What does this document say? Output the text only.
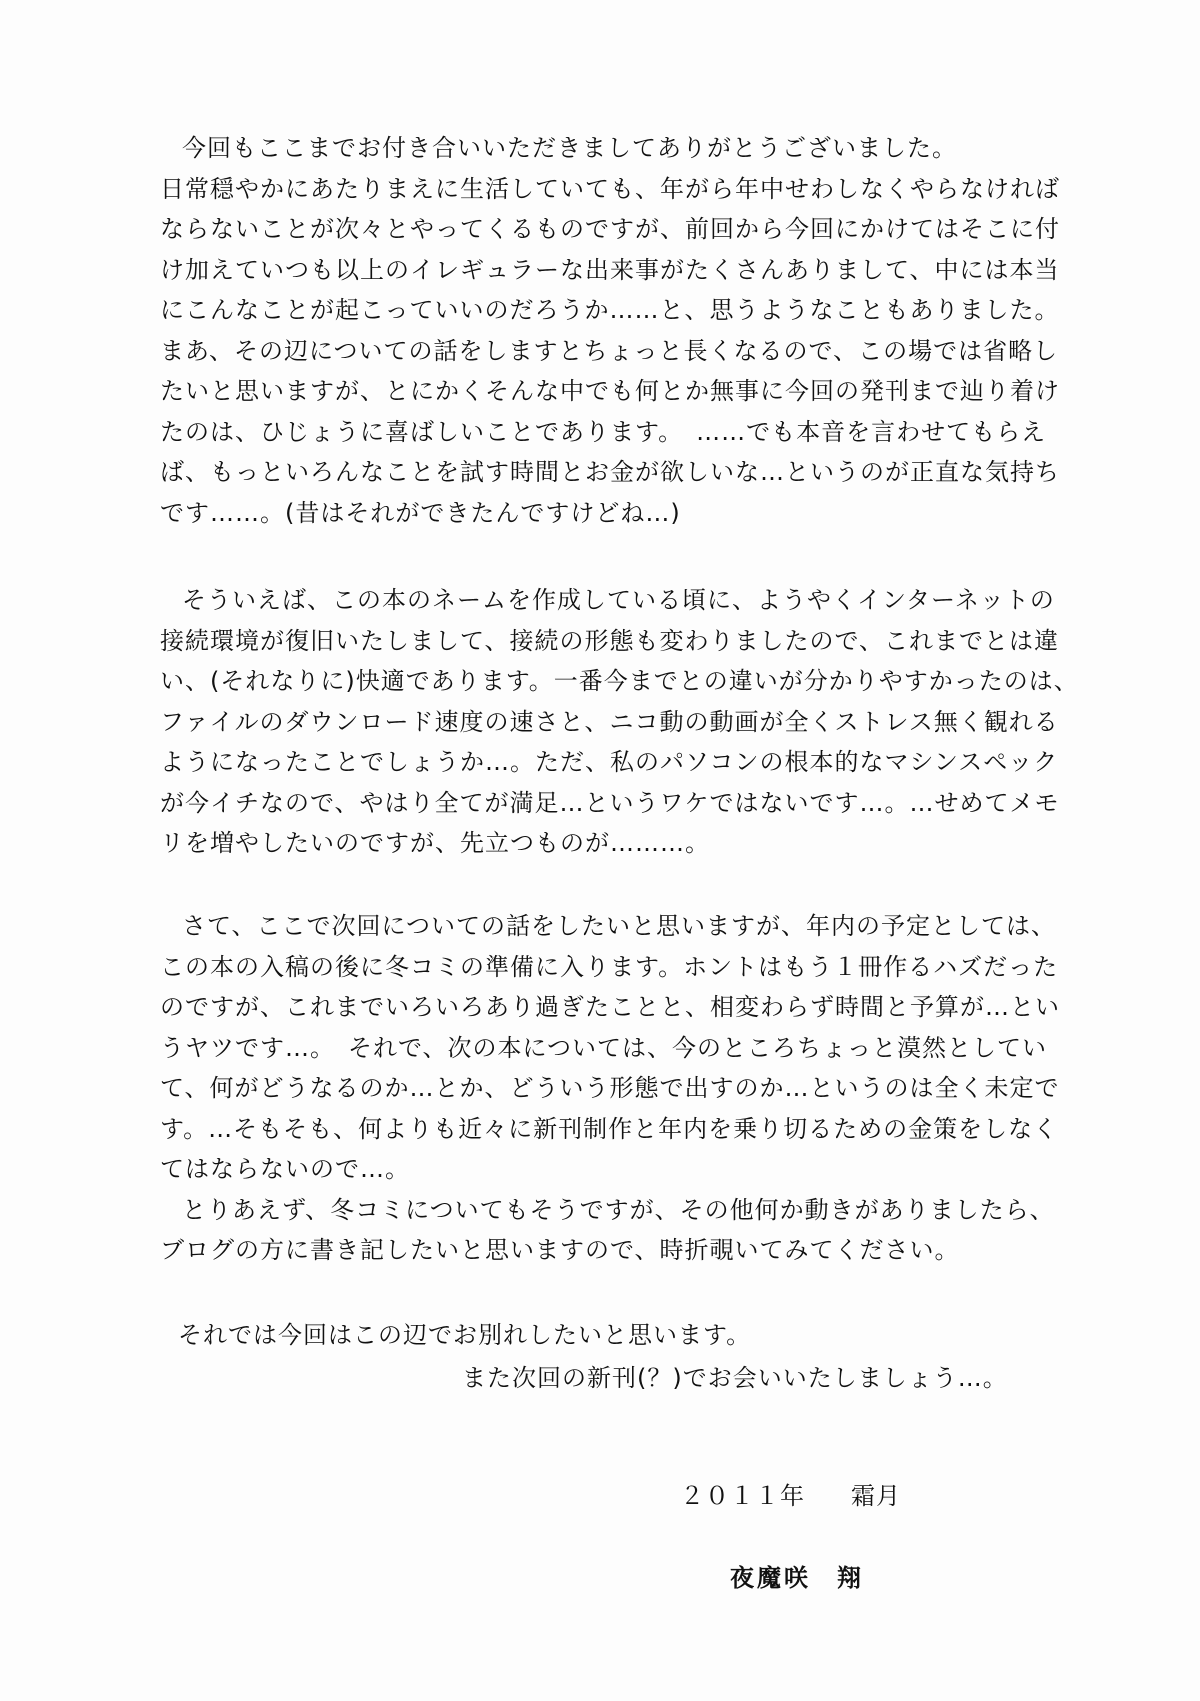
今回もここまでお付き合いいただきましてありがとうございました。
日常穏やかにあたりまえに生活していても、年がら年中せわしなくやらなければ
ならないことが次々とやってくるものですが、前回から今回にかけてはそこに付
け加えていつも以上のイレギュラーな出来事がたくさんありまして、中には本当
にこんなことが起こっていいのだろうか……と、思うようなこともありました。
まあ、その辺についての話をしますとちょっと長くなるので、この場では省略し
たいと思いますが、とにかくそんな中でも何とか無事に今回の発刊まで辿り着け
たのは、ひじょうに喜ばしいことであります。　……でも本音を言わせてもらえ
ば、もっといろんなことを試す時間とお金が欲しいな…というのが正直な気持ち
です……。(昔はそれができたんですけどね…)
そういえば、この本のネームを作成している頃に、ようやくインターネットの
接続環境が復旧いたしまして、接続の形態も変わりましたので、これまでとは違
い、(それなりに)快適であります。一番今までとの違いが分かりやすかったのは、
ファイルのダウンロード速度の速さと、ニコ動の動画が全くストレス無く観れる
ようになったことでしょうか…。ただ、私のパソコンの根本的なマシンスペック
が今イチなので、やはり全てが満足…というワケではないです…。…せめてメモ
リを増やしたいのですが、先立つものが………。
さて、ここで次回についての話をしたいと思いますが、年内の予定としては、
この本の入稿の後に冬コミの準備に入ります。ホントはもう１冊作るハズだった
のですが、これまでいろいろあり過ぎたことと、相変わらず時間と予算が…とい
うヤツです…。　それで、次の本については、今のところちょっと漠然としてい
て、何がどうなるのか…とか、どういう形態で出すのか…というのは全く未定で
す。…そもそも、何よりも近々に新刊制作と年内を乗り切るための金策をしなく
てはならないので…。
とりあえず、冬コミについてもそうですが、その他何か動きがありましたら、
ブログの方に書き記したいと思いますので、時折覗いてみてください。
それでは今回はこの辺でお別れしたいと思います。
また次回の新刊(？)でお会いいたしましょう…。
２０１１年 霜月
夜魔咲 翔
